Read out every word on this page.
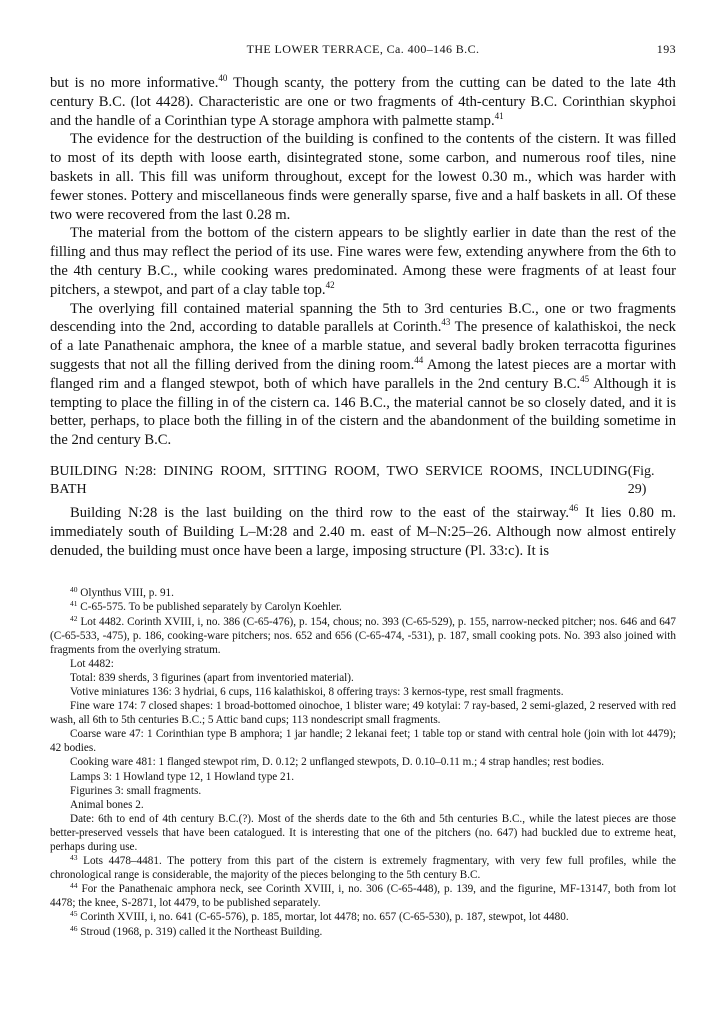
THE LOWER TERRACE, Ca. 400–146 B.C.	193

but is no more informative.$^{40}$ Though scanty, the pottery from the cutting can be dated to the late 4th century B.C. (lot 4428). Characteristic are one or two fragments of 4th-century B.C. Corinthian skyphoi and the handle of a Corinthian type A storage amphora with palmette stamp.$^{41}$

The evidence for the destruction of the building is confined to the contents of the cistern. It was filled to most of its depth with loose earth, disintegrated stone, some carbon, and numerous roof tiles, nine baskets in all. This fill was uniform throughout, except for the lowest 0.30 m., which was harder with fewer stones. Pottery and miscellaneous finds were generally sparse, five and a half baskets in all. Of these two were recovered from the last 0.28 m.

The material from the bottom of the cistern appears to be slightly earlier in date than the rest of the filling and thus may reflect the period of its use. Fine wares were few, extending anywhere from the 6th to the 4th century B.C., while cooking wares predominated. Among these were fragments of at least four pitchers, a stewpot, and part of a clay table top.$^{42}$

The overlying fill contained material spanning the 5th to 3rd centuries B.C., one or two fragments descending into the 2nd, according to datable parallels at Corinth.$^{43}$ The presence of kalathiskoi, the neck of a late Panathenaic amphora, the knee of a marble statue, and several badly broken terracotta figurines suggests that not all the filling derived from the dining room.$^{44}$ Among the latest pieces are a mortar with flanged rim and a flanged stewpot, both of which have parallels in the 2nd century B.C.$^{45}$ Although it is tempting to place the filling in of the cistern ca. 146 B.C., the material cannot be so closely dated, and it is better, perhaps, to place both the filling in of the cistern and the abandonment of the building sometime in the 2nd century B.C.

BUILDING N:28: DINING ROOM, SITTING ROOM, TWO SERVICE ROOMS, INCLUDING BATH
(Fig. 29)

Building N:28 is the last building on the third row to the east of the stairway.$^{46}$ It lies 0.80 m. immediately south of Building L–M:28 and 2.40 m. east of M–N:25–26. Although now almost entirely denuded, the building must once have been a large, imposing structure (Pl. 33:c). It is

$^{40}$ Olynthus VIII, p. 91.

$^{41}$ C-65-575. To be published separately by Carolyn Koehler.

$^{42}$ Lot 4482. Corinth XVIII, i, no. 386 (C-65-476), p. 154, chous; no. 393 (C-65-529), p. 155, narrow-necked pitcher; nos. 646 and 647 (C-65-533, -475), p. 186, cooking-ware pitchers; nos. 652 and 656 (C-65-474, -531), p. 187, small cooking pots. No. 393 also joined with fragments from the overlying stratum.

Lot 4482:

Total: 839 sherds, 3 figurines (apart from inventoried material).

Votive miniatures 136: 3 hydriai, 6 cups, 116 kalathiskoi, 8 offering trays: 3 kernos-type, rest small fragments.

Fine ware 174: 7 closed shapes: 1 broad-bottomed oinochoe, 1 blister ware; 49 kotylai: 7 ray-based, 2 semi-glazed, 2 reserved with red wash, all 6th to 5th centuries B.C.; 5 Attic band cups; 113 nondescript small fragments.

Coarse ware 47: 1 Corinthian type B amphora; 1 jar handle; 2 lekanai feet; 1 table top or stand with central hole (join with lot 4479); 42 bodies.

Cooking ware 481: 1 flanged stewpot rim, D. 0.12; 2 unflanged stewpots, D. 0.10–0.11 m.; 4 strap handles; rest bodies.

Lamps 3: 1 Howland type 12, 1 Howland type 21.

Figurines 3: small fragments.

Animal bones 2.

Date: 6th to end of 4th century B.C.(?). Most of the sherds date to the 6th and 5th centuries B.C., while the latest pieces are those better-preserved vessels that have been catalogued. It is interesting that one of the pitchers (no. 647) had buckled due to extreme heat, perhaps during use.

$^{43}$ Lots 4478–4481. The pottery from this part of the cistern is extremely fragmentary, with very few full profiles, while the chronological range is considerable, the majority of the pieces belonging to the 5th century B.C.

$^{44}$ For the Panathenaic amphora neck, see Corinth XVIII, i, no. 306 (C-65-448), p. 139, and the figurine, MF-13147, both from lot 4478; the knee, S-2871, lot 4479, to be published separately.

$^{45}$ Corinth XVIII, i, no. 641 (C-65-576), p. 185, mortar, lot 4478; no. 657 (C-65-530), p. 187, stewpot, lot 4480.

$^{46}$ Stroud (1968, p. 319) called it the Northeast Building.
